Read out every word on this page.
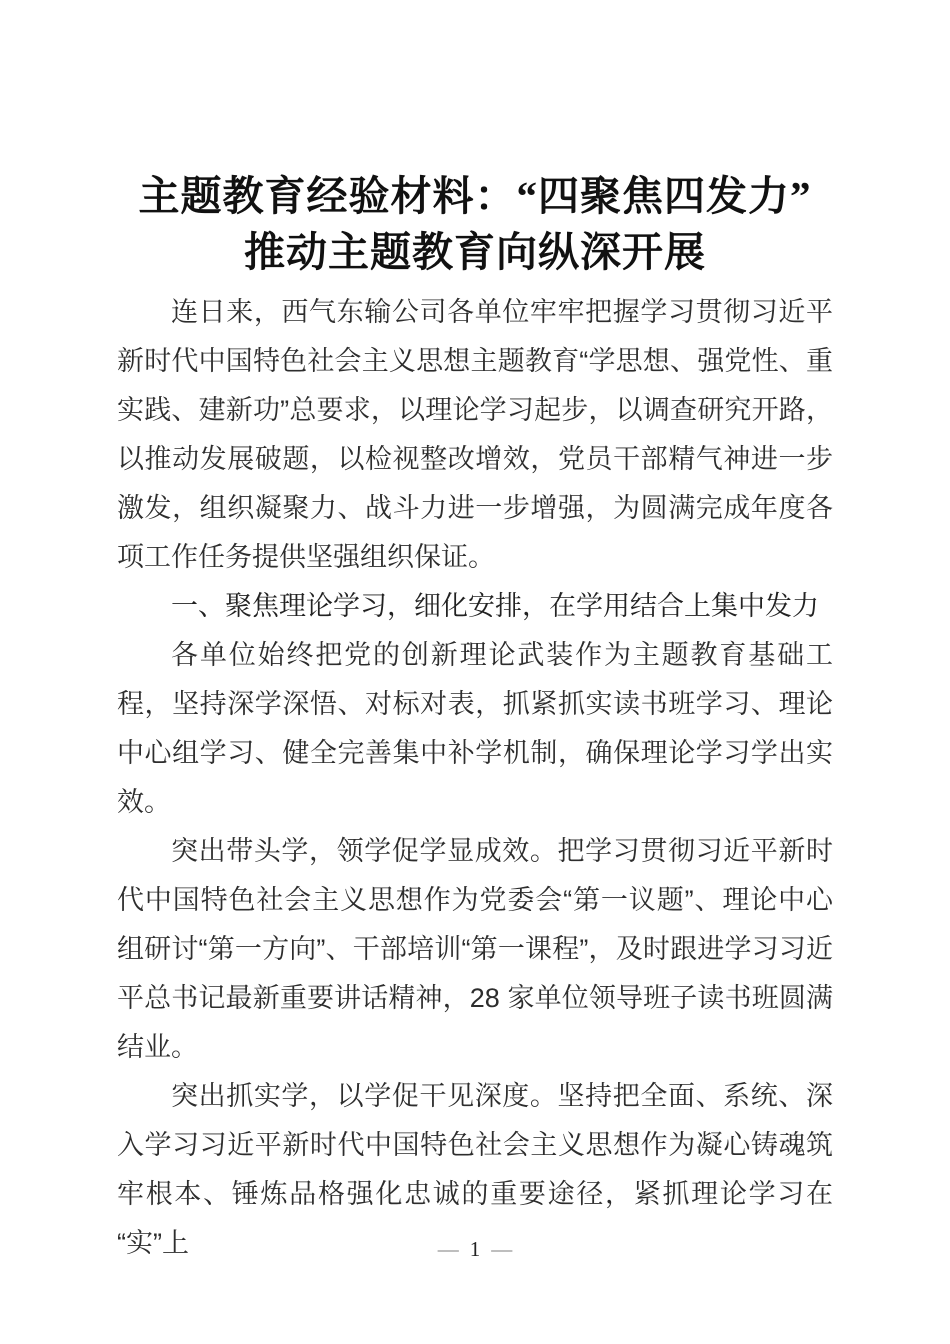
主题教育经验材料：“四聚焦四发力”
推动主题教育向纵深开展

连日来，西气东输公司各单位牢牢把握学习贯彻习近平新时代中国特色社会主义思想主题教育“学思想、强党性、重实践、建新功”总要求，以理论学习起步，以调查研究开路，以推动发展破题，以检视整改增效，党员干部精气神进一步激发，组织凝聚力、战斗力进一步增强，为圆满完成年度各项工作任务提供坚强组织保证。

一、聚焦理论学习，细化安排，在学用结合上集中发力

各单位始终把党的创新理论武装作为主题教育基础工程，坚持深学深悟、对标对表，抓紧抓实读书班学习、理论中心组学习、健全完善集中补学机制，确保理论学习学出实效。

突出带头学，领学促学显成效。把学习贯彻习近平新时代中国特色社会主义思想作为党委会“第一议题”、理论中心组研讨“第一方向”、干部培训“第一课程”，及时跟进学习习近平总书记最新重要讲话精神，28 家单位领导班子读书班圆满结业。

突出抓实学，以学促干见深度。坚持把全面、系统、深入学习习近平新时代中国特色社会主义思想作为凝心铸魂筑牢根本、锤炼品格强化忠诚的重要途径，紧抓理论学习在“实”上	— 1 —
